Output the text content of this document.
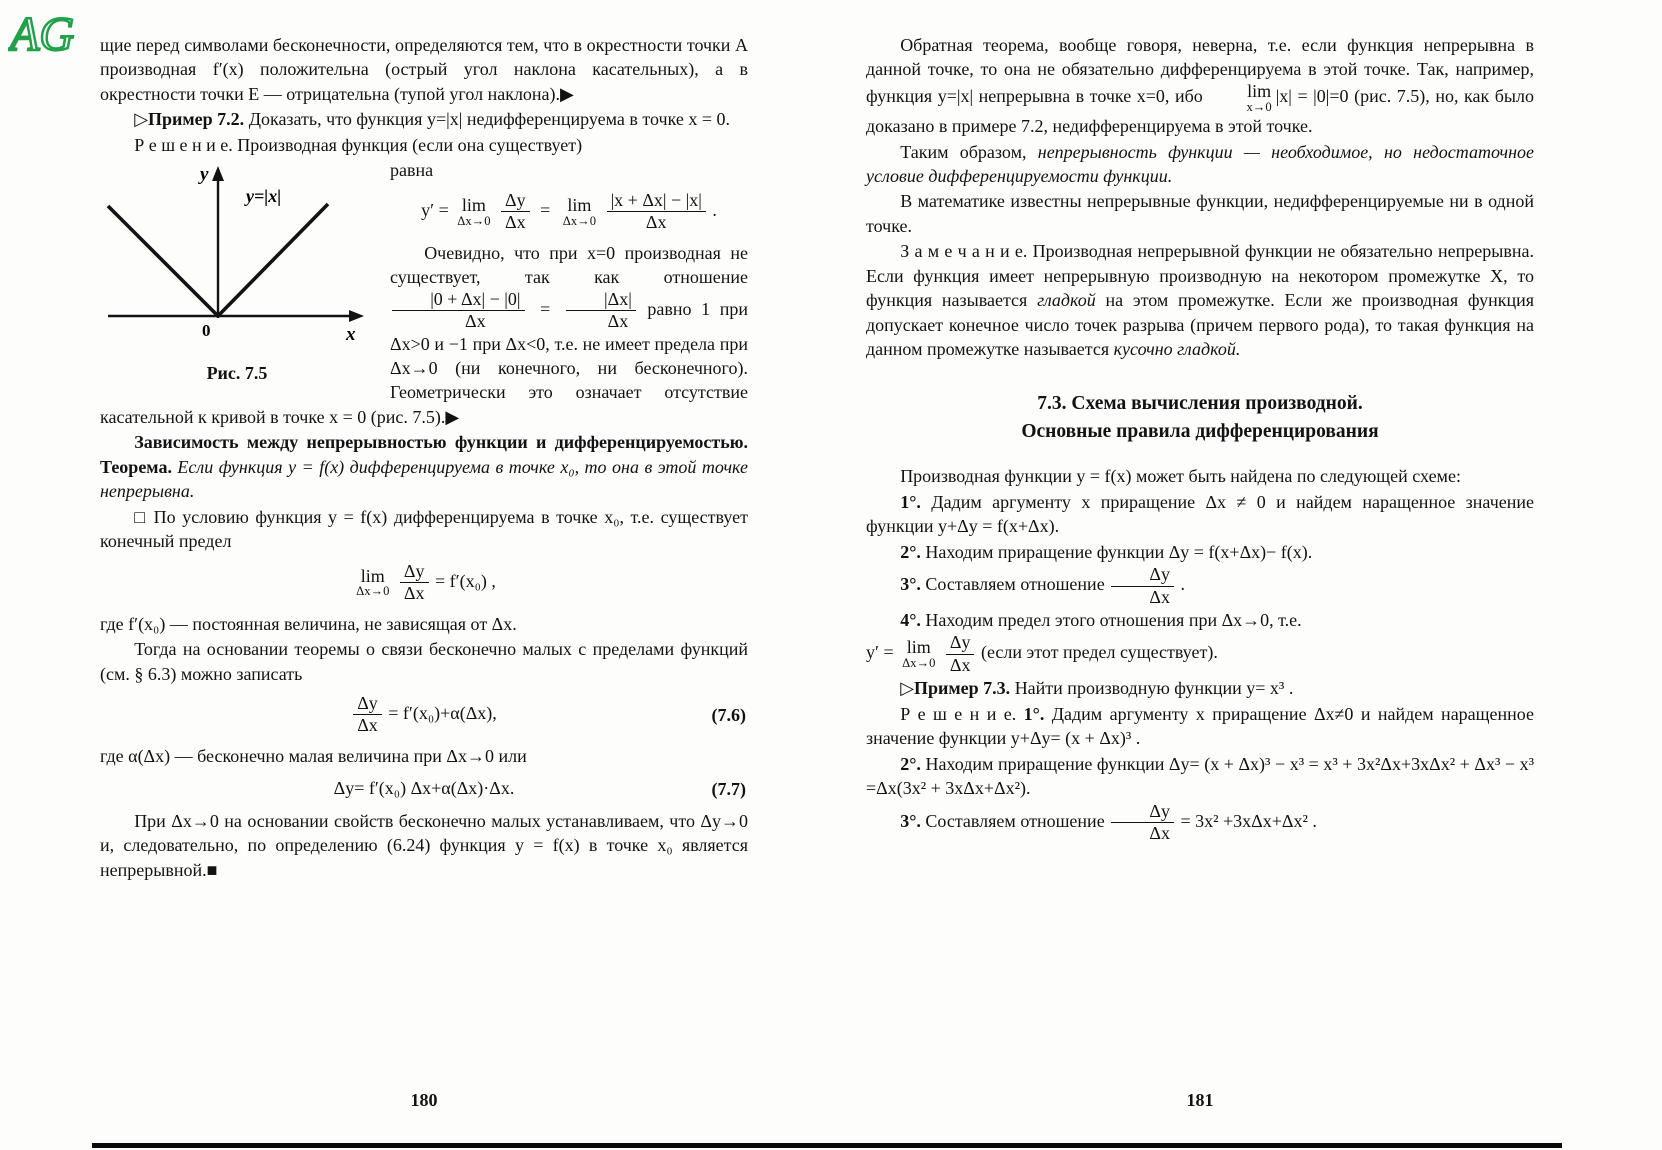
AG щие перед символами бесконечности, определяются тем, что в окрестности точки A производная f′(x) положительна (острый угол наклона касательных), а в окрестности точки E — отрицательна (тупой угол наклона).▶

▷Пример 7.2. Доказать, что функция y=|x| недифференцируема в точке x = 0.

Р е ш е н и е. Производная функция (если она существует)

y
y=|x|
0	x
Рис. 7.5

равна

y′ = lim
Δx→0
$\frac{\Delta y}{\Delta x} = \lim$
Δx→0
$\frac{|x + \Delta x| - |x|}{\Delta x}$ .

Очевидно, что при x=0 производная не существует, так как отношение
$\frac{|0 + \Delta x| - |0|}{\Delta x} = \frac{|\Delta x|}{\Delta x}$ равно 1 при Δx>0 и −1 при Δx<0, т.е. не имеет предела при Δx→0 (ни конечного, ни бесконечного). Геометрически это означает отсутствие касательной к кривой в точке x = 0 (рис. 7.5).▶

Зависимость между непрерывностью функции и дифференцируемостью. Теорема. Если функция y = f(x) дифференцируема в точке x₀, то она в этой точке непрерывна.

□ По условию функция y = f(x) дифференцируема в точке x₀, т.е. существует конечный предел

lim
Δx→0
$\frac{\Delta y}{\Delta x} = f'(x_0)$ ,

где f′(x₀) — постоянная величина, не зависящая от Δx.

Тогда на основании теоремы о связи бесконечно малых с пределами функций (см. § 6.3) можно записать

$\frac{\Delta y}{\Delta x} = f'(x_0)+\alpha(\Delta x)$,	(7.6)

где α(Δx) — бесконечно малая величина при Δx→0 или

Δy= f′(x₀) Δx+α(Δx)·Δx.	(7.7)

При Δx→0 на основании свойств бесконечно малых устанавливаем, что Δy→0 и, следовательно, по определению (6.24) функция y = f(x) в точке x₀ является непрерывной.■

180

Обратная теорема, вообще говоря, неверна, т.е. если функция непрерывна в данной точке, то она не обязательно дифференцируема в этой точке. Так, например, функция y=|x| непрерывна в точке x=0, ибо	lim
x→0
|x| = |0|=0 (рис. 7.5), но, как было доказано в примере 7.2, недифференцируема в этой точке.

Таким образом, непрерывность функции — необходимое, но недостаточное условие дифференцируемости функции.

В математике известны непрерывные функции, недифференцируемые ни в одной точке.

З а м е ч а н и е. Производная непрерывной функции не обязательно непрерывна. Если функция имеет непрерывную производную на некотором промежутке X, то функция называется гладкой на этом промежутке. Если же производная функция допускает конечное число точек разрыва (причем первого рода), то такая функция на данном промежутке называется кусочно гладкой.

7.3. Схема вычисления производной.
Основные правила дифференцирования

Производная функции y = f(x) может быть найдена по следующей схеме:

1°. Дадим аргументу x приращение Δx ≠ 0 и найдем наращенное значение функции y+Δy = f(x+Δx).

2°. Находим приращение функции Δy = f(x+Δx)− f(x).

3°. Составляем отношение $\frac{\Delta y}{\Delta x}$ .

4°. Находим предел этого отношения при Δx→0, т.е.

y′ = lim
Δx→0
$\frac{\Delta y}{\Delta x}$ (если этот предел существует).

▷Пример 7.3. Найти производную функции y= x³ .

Р е ш е н и е. 1°. Дадим аргументу x приращение Δx≠0 и найдем наращенное значение функции y+Δy= (x + Δx)³ .

2°. Находим приращение функции Δy= (x + Δx)³ − x³ = x³ + 3x²Δx+3xΔx² + Δx³ − x³ =Δx(3x² + 3xΔx+Δx²).

3°. Составляем отношение $\frac{\Delta y}{\Delta x} = 3x^2 +3x\Delta x+\Delta x^2$ .

181
